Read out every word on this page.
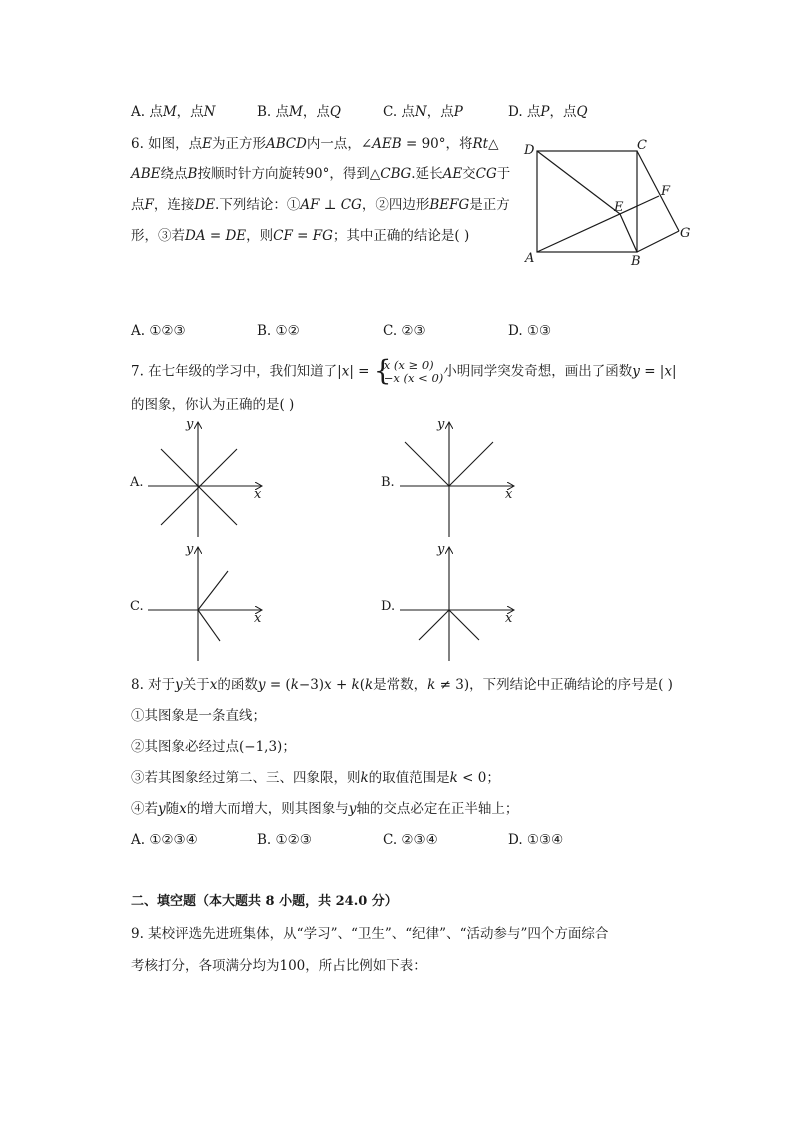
A. 点𝑀，点𝑁	B. 点𝑀，点𝑄	C. 点𝑁，点𝑃	D. 点𝑃，点𝑄
6. 如图，点𝐸为正方形𝐴𝐵𝐶𝐷内一点，∠𝐴𝐸𝐵 = 90°，将𝑅𝑡△
𝐴𝐵𝐸绕点𝐵按顺时针方向旋转90°，得到△𝐶𝐵𝐺.延长𝐴𝐸交𝐶𝐺于
点𝐹，连接𝐷𝐸.下列结论：①𝐴𝐹 ⊥ 𝐶𝐺，②四边形𝐵𝐸𝐹𝐺是正方
形，③若𝐷𝐴 = 𝐷𝐸，则𝐶𝐹 = 𝐹𝐺；其中正确的结论是( )
D	C
F
E
G
A	B
A. ①②③	B. ①②	C. ②③	D. ①③
7. 在七年级的学习中，我们知道了|𝑥| = {
𝑥 (𝑥 ≥ 0)
−𝑥 (𝑥 < 0) 小明同学突发奇想，画出了函数𝑦 = |𝑥|
的图象，你认为正确的是( )
A.
y
x
B.
y
x
C.
y
x
D.
y
x
8. 对于𝑦关于𝑥的函数𝑦 = (𝑘−3)𝑥 + 𝑘(𝑘是常数，𝑘 ≠ 3)，下列结论中正确结论的序号是( )
①其图象是一条直线；
②其图象必经过点(−1,3)；
③若其图象经过第二、三、四象限，则𝑘的取值范围是𝑘 < 0；
④若𝑦随𝑥的增大而增大，则其图象与𝑦轴的交点必定在正半轴上；
A. ①②③④	B. ①②③	C. ②③④	D. ①③④
二、填空题（本大题共 8 小题，共 24.0 分）
9. 某校评选先进班集体，从“学习”、“卫生”、“纪律”、“活动参与”四个方面综合
考核打分，各项满分均为100，所占比例如下表：
